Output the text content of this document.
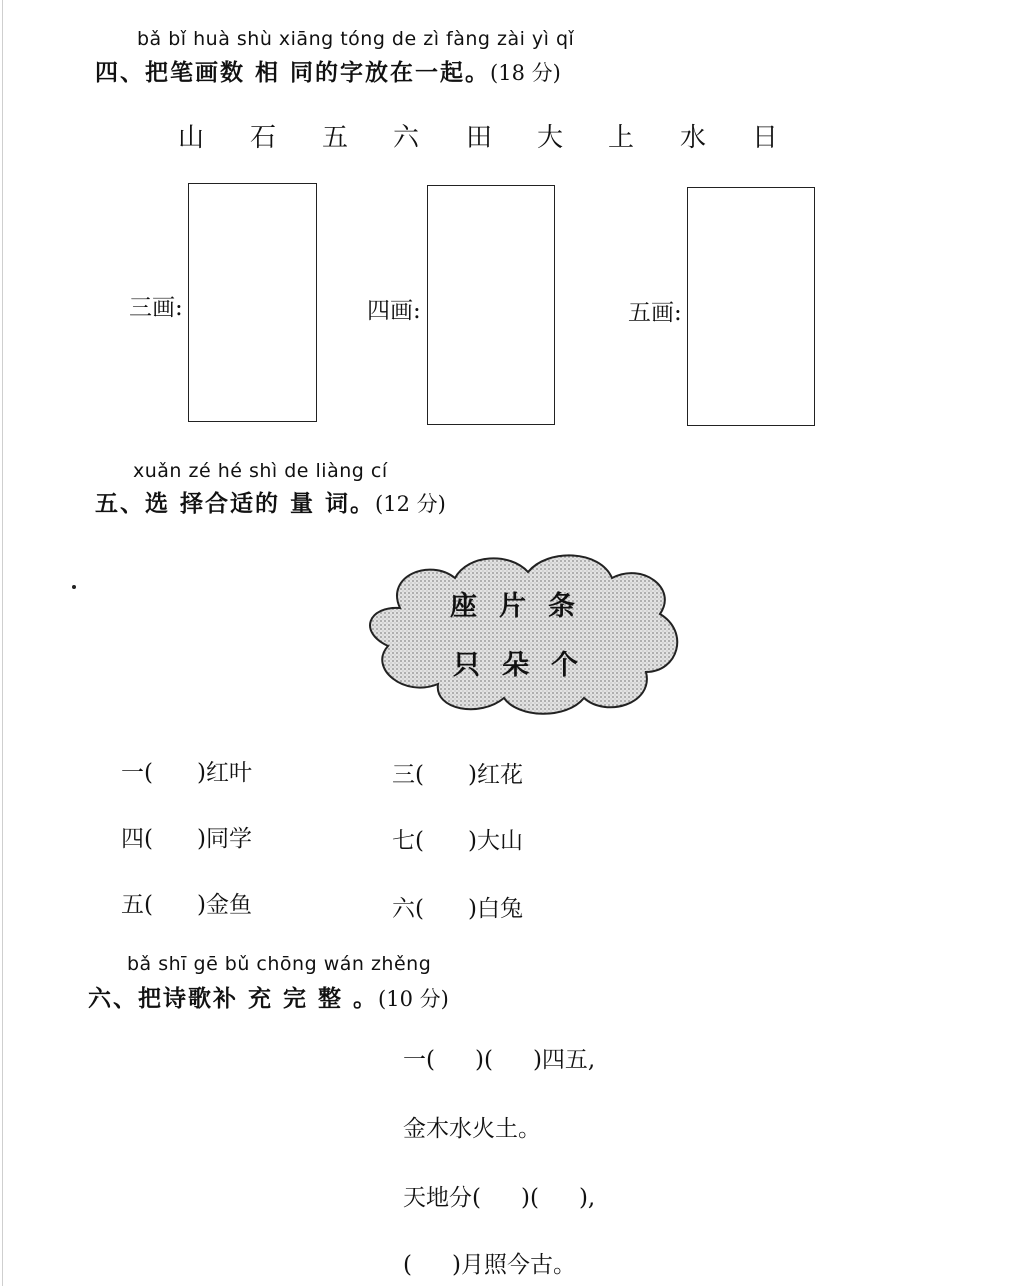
bǎ bǐ huà shù xiāng tóng de zì fàng zài yì qǐ
四、把笔画数 相 同的字放在一起。(18 分)
山 石 五 六 田 大 上 水 日
三画:	四画:	五画:
xuǎn zé hé shì de liàng cí
五、选 择合适的 量 词。(12 分)
座片条
只朵个
一( )红叶
四( )同学
五( )金鱼
三( )红花
七( )大山
六( )白兔
bǎ shī gē bǔ chōng wán zhěng
六、把诗歌补 充 完 整 。(10 分)
一( )( )四五,
金木水火土。
天地分( )( ),
( )月照今古。
